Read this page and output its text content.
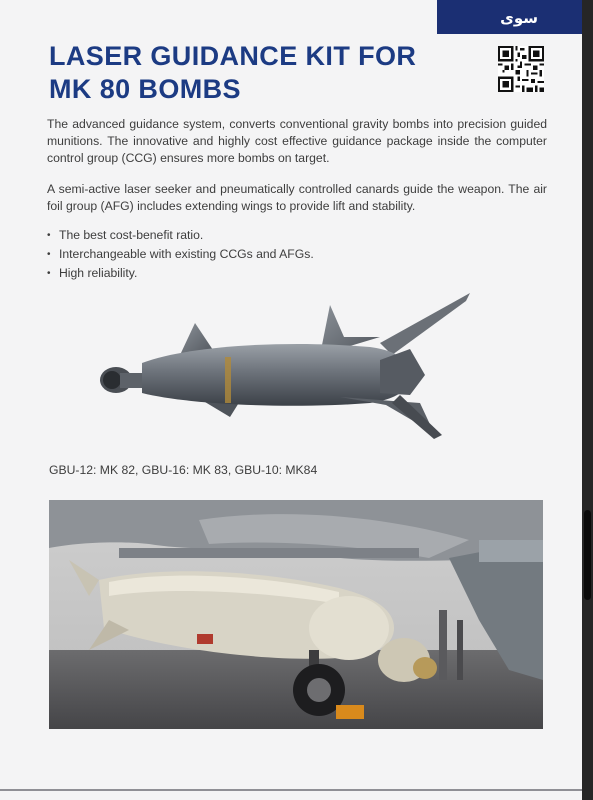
سوى
LASER GUIDANCE KIT FOR
MK 80 BOMBS

The advanced guidance system, converts conventional gravity bombs into precision guided munitions. The innovative and highly cost effective guidance package inside the computer control group (CCG) ensures more bombs on target.

A semi-active laser seeker and pneumatically controlled canards guide the weapon. The air foil group (AFG) includes extending wings to provide lift and stability.

• The best cost-benefit ratio.
• Interchangeable with existing CCGs and AFGs.
• High reliability.

GBU-12: MK 82, GBU-16: MK 83, GBU-10: MK84
